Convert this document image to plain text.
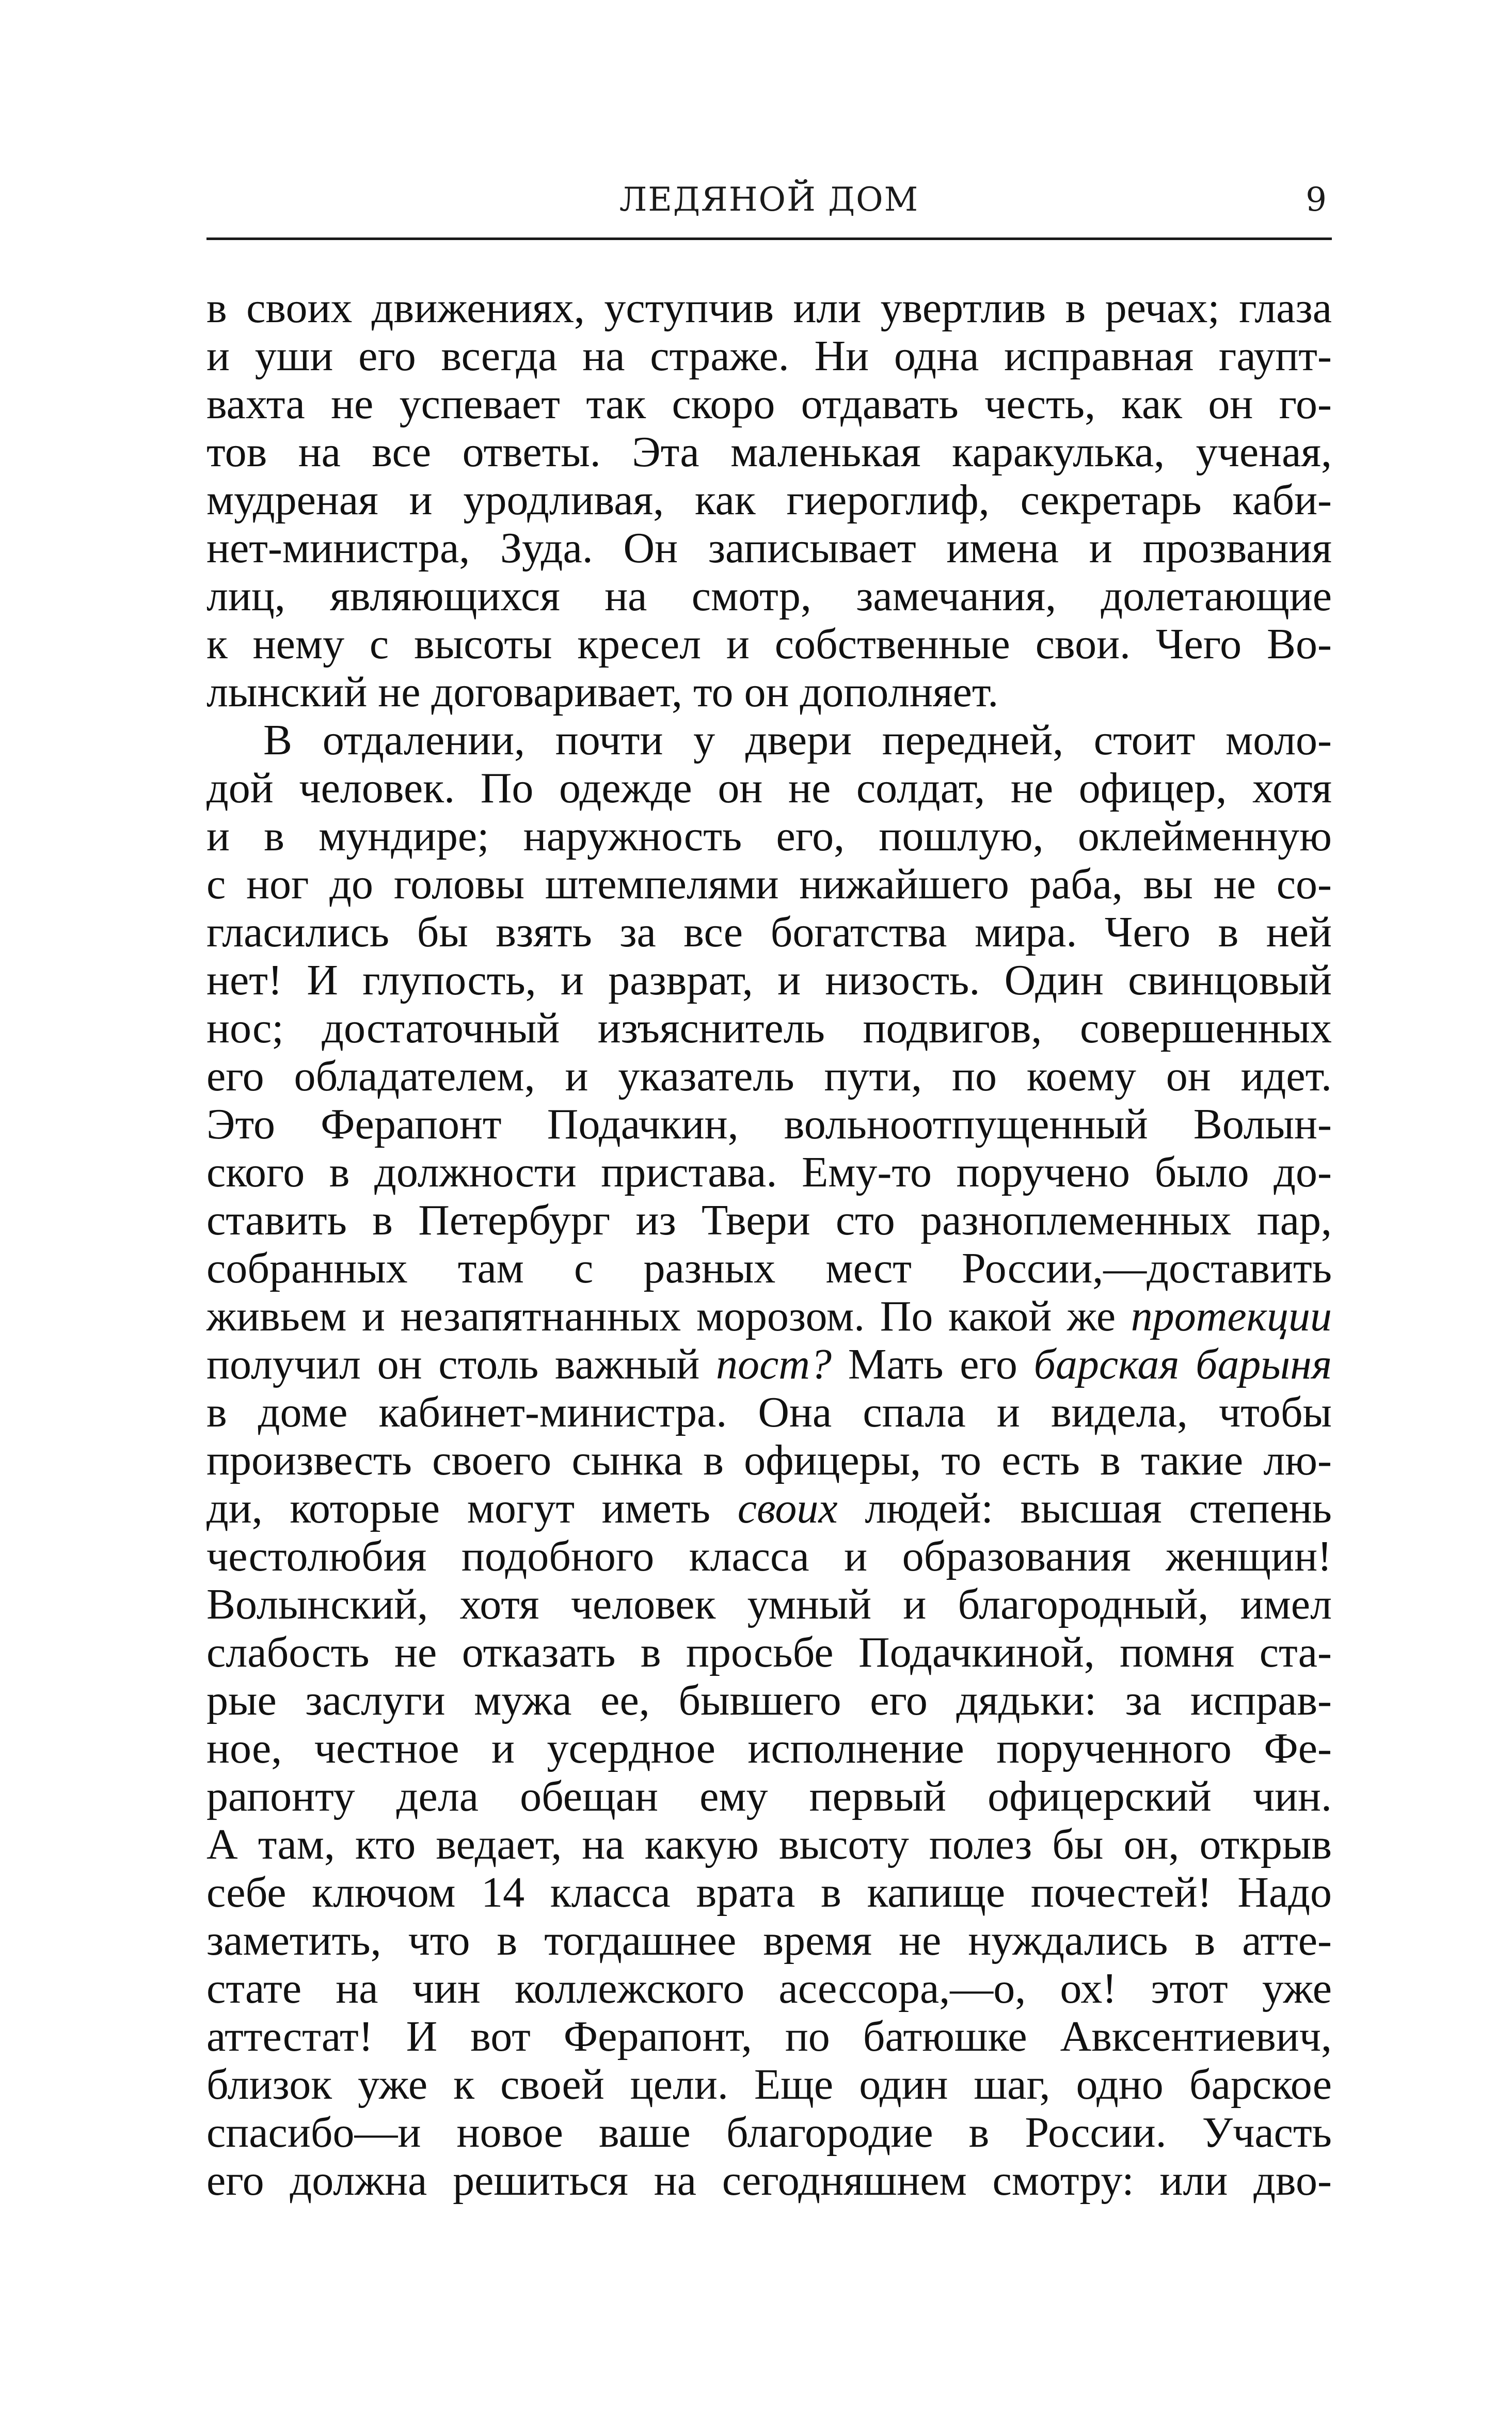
ЛЕДЯНОЙ ДОМ	9
в своих движениях, уступчив или увертлив в речах; глаза
и уши его всегда на страже. Ни одна исправная гаупт-
вахта не успевает так скоро отдавать честь, как он го-
тов на все ответы. Эта маленькая каракулька, ученая,
мудреная и уродливая, как гиероглиф, секретарь каби-
нет-министра, Зуда. Он записывает имена и прозвания
лиц, являющихся на смотр, замечания, долетающие
к нему с высоты кресел и собственные свои. Чего Во-
лынский не договаривает, то он дополняет.
В отдалении, почти у двери передней, стоит моло-
дой человек. По одежде он не солдат, не офицер, хотя
и в мундире; наружность его, пошлую, оклейменную
с ног до головы штемпелями нижайшего раба, вы не со-
гласились бы взять за все богатства мира. Чего в ней
нет! И глупость, и разврат, и низость. Один свинцовый
нос; достаточный изъяснитель подвигов, совершенных
его обладателем, и указатель пути, по коему он идет.
Это Ферапонт Подачкин, вольноотпущенный Волын-
ского в должности пристава. Ему-то поручено было до-
ставить в Петербург из Твери сто разноплеменных пар,
собранных там с разных мест России,—доставить
живьем и незапятнанных морозом. По какой же протекции
получил он столь важный пост? Мать его барская барыня
в доме кабинет-министра. Она спала и видела, чтобы
произвесть своего сынка в офицеры, то есть в такие лю-
ди, которые могут иметь своих людей: высшая степень
честолюбия подобного класса и образования женщин!
Волынский, хотя человек умный и благородный, имел
слабость не отказать в просьбе Подачкиной, помня ста-
рые заслуги мужа ее, бывшего его дядьки: за исправ-
ное, честное и усердное исполнение порученного Фе-
рапонту дела обещан ему первый офицерский чин.
А там, кто ведает, на какую высоту полез бы он, открыв
себе ключом 14 класса врата в капище почестей! Надо
заметить, что в тогдашнее время не нуждались в атте-
стате на чин коллежского асессора,—о, ох! этот уже
аттестат! И вот Ферапонт, по батюшке Авксентиевич,
близок уже к своей цели. Еще один шаг, одно барское
спасибо—и новое ваше благородие в России. Участь
его должна решиться на сегодняшнем смотру: или дво-
